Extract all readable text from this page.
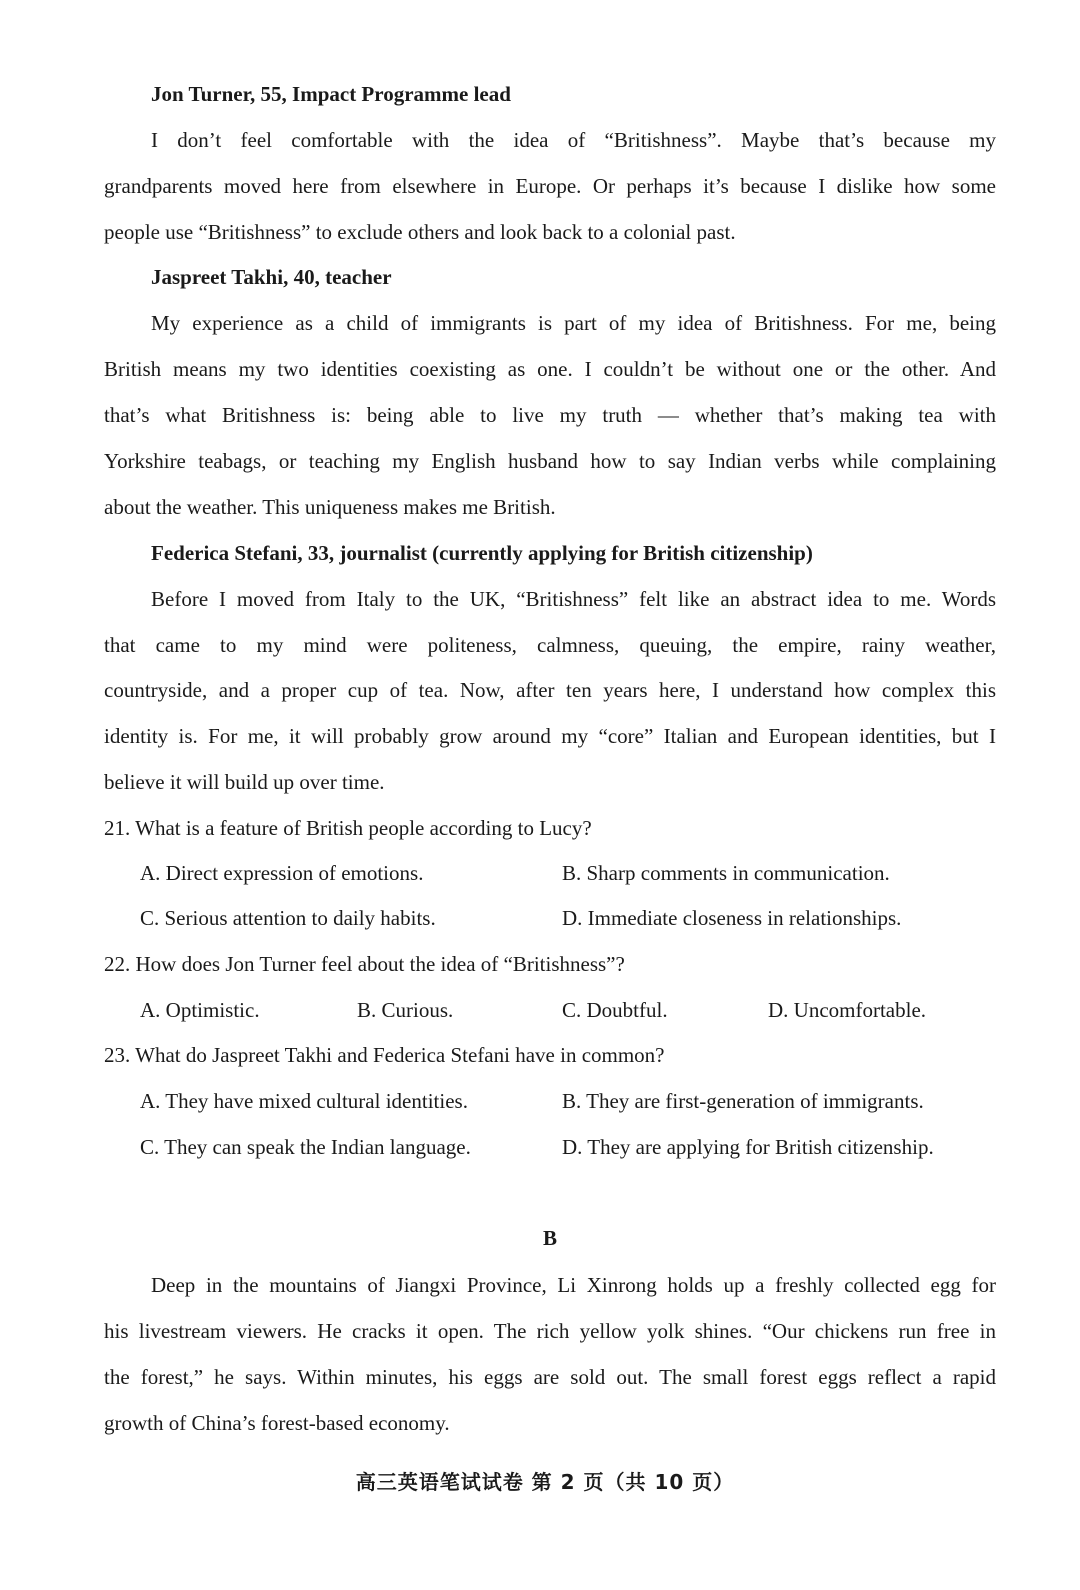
Jon Turner, 55, Impact Programme lead
I don’t feel comfortable with the idea of “Britishness”. Maybe that’s because my
grandparents moved here from elsewhere in Europe. Or perhaps it’s because I dislike how some
people use “Britishness” to exclude others and look back to a colonial past.
Jaspreet Takhi, 40, teacher
My experience as a child of immigrants is part of my idea of Britishness. For me, being
British means my two identities coexisting as one. I couldn’t be without one or the other. And
that’s what Britishness is: being able to live my truth — whether that’s making tea with
Yorkshire teabags, or teaching my English husband how to say Indian verbs while complaining
about the weather. This uniqueness makes me British.
Federica Stefani, 33, journalist (currently applying for British citizenship)
Before I moved from Italy to the UK, “Britishness” felt like an abstract idea to me. Words
that came to my mind were politeness, calmness, queuing, the empire, rainy weather,
countryside, and a proper cup of tea. Now, after ten years here, I understand how complex this
identity is. For me, it will probably grow around my “core” Italian and European identities, but I
believe it will build up over time.
21. What is a feature of British people according to Lucy?
A. Direct expression of emotions.	B. Sharp comments in communication.
C. Serious attention to daily habits.	D. Immediate closeness in relationships.
22. How does Jon Turner feel about the idea of “Britishness”?
A. Optimistic.	B. Curious.	C. Doubtful.	D. Uncomfortable.
23. What do Jaspreet Takhi and Federica Stefani have in common?
A. They have mixed cultural identities.	B. They are first-generation of immigrants.
C. They can speak the Indian language.	D. They are applying for British citizenship.
B
Deep in the mountains of Jiangxi Province, Li Xinrong holds up a freshly collected egg for
his livestream viewers. He cracks it open. The rich yellow yolk shines. “Our chickens run free in
the forest,” he says. Within minutes, his eggs are sold out. The small forest eggs reflect a rapid
growth of China’s forest-based economy.
高三英语笔试试卷 第 2 页（共 10 页）
